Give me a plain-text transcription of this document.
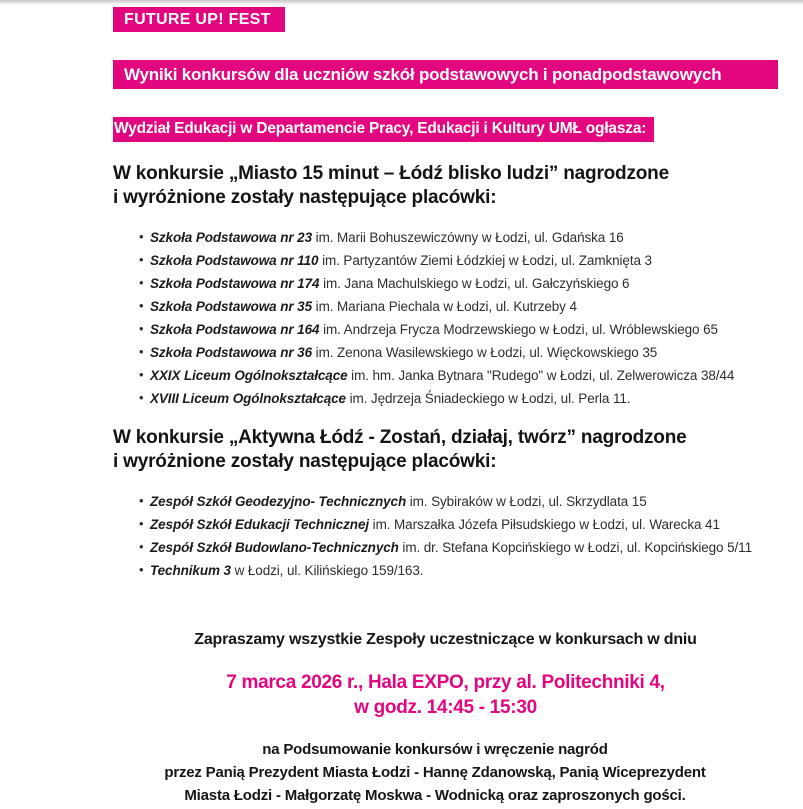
FUTURE UP! FEST
Wyniki konkursów dla uczniów szkół podstawowych i ponadpodstawowych
Wydział Edukacji w Departamencie Pracy, Edukacji i Kultury UMŁ ogłasza:
W konkursie „Miasto 15 minut – Łódź blisko ludzi” nagrodzone
i wyróżnione zostały następujące placówki:
• Szkoła Podstawowa nr 23 im. Marii Bohuszewiczówny w Łodzi, ul. Gdańska 16
• Szkoła Podstawowa nr 110 im. Partyzantów Ziemi Łódzkiej w Łodzi, ul. Zamknięta 3
• Szkoła Podstawowa nr 174 im. Jana Machulskiego w Łodzi, ul. Gałczyńskiego 6
• Szkoła Podstawowa nr 35 im. Mariana Piechala w Łodzi, ul. Kutrzeby 4
• Szkoła Podstawowa nr 164 im. Andrzeja Frycza Modrzewskiego w Łodzi, ul. Wróblewskiego 65
• Szkoła Podstawowa nr 36 im. Zenona Wasilewskiego w Łodzi, ul. Więckowskiego 35
• XXIX Liceum Ogólnokształcące im. hm. Janka Bytnara "Rudego" w Łodzi, ul. Zelwerowicza 38/44
• XVIII Liceum Ogólnokształcące im. Jędrzeja Śniadeckiego w Łodzi, ul. Perla 11.
W konkursie „Aktywna Łódź - Zostań, działaj, twórz” nagrodzone
i wyróżnione zostały następujące placówki:
• Zespół Szkół Geodezyjno- Technicznych im. Sybiraków w Łodzi, ul. Skrzydlata 15
• Zespół Szkół Edukacji Technicznej im. Marszałka Józefa Piłsudskiego w Łodzi, ul. Warecka 41
• Zespół Szkół Budowlano-Technicznych im. dr. Stefana Kopcińskiego w Łodzi, ul. Kopcińskiego 5/11
• Technikum 3 w Łodzi, ul. Kilińskiego 159/163.
Zapraszamy wszystkie Zespoły uczestniczące w konkursach w dniu
7 marca 2026 r., Hala EXPO, przy al. Politechniki 4,
w godz. 14:45 - 15:30
na Podsumowanie konkursów i wręczenie nagród
przez Panią Prezydent Miasta Łodzi - Hannę Zdanowską, Panią Wiceprezydent
Miasta Łodzi - Małgorzatę Moskwa - Wodnicką oraz zaproszonych gości.
